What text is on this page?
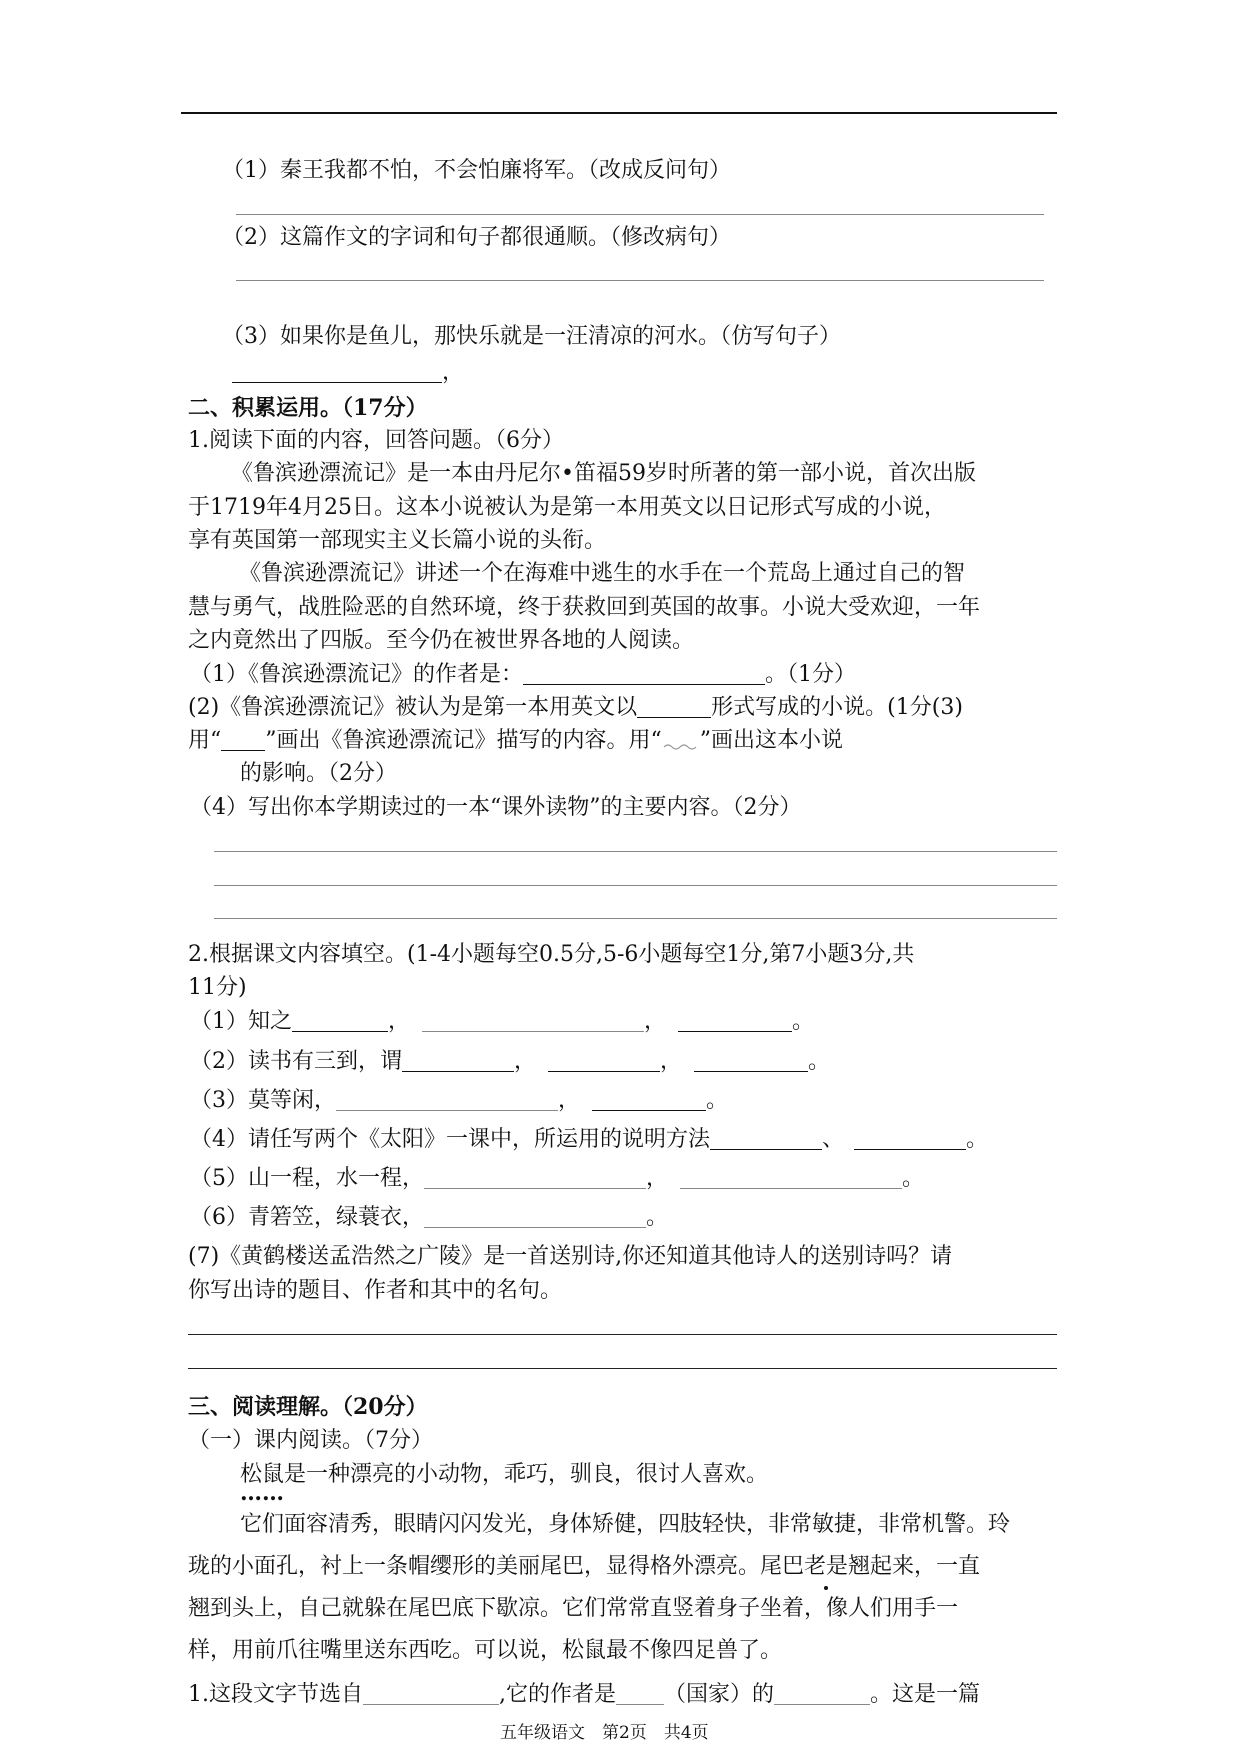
（1）秦王我都不怕，不会怕廉将军。（改成反问句）
（2）这篇作文的字词和句子都很通顺。（修改病句）
（3）如果你是鱼儿，那快乐就是一汪清凉的河水。（仿写句子）
，
二、积累运用。（17分）
1.阅读下面的内容，回答问题。（6分）
《鲁滨逊漂流记》是一本由丹尼尔•笛福59岁时所著的第一部小说，首次出版
于1719年4月25日。这本小说被认为是第一本用英文以日记形式写成的小说，
享有英国第一部现实主义长篇小说的头衔。
《鲁滨逊漂流记》讲述一个在海难中逃生的水手在一个荒岛上通过自己的智
慧与勇气，战胜险恶的自然环境，终于获救回到英国的故事。小说大受欢迎，一年
之内竟然出了四版。至今仍在被世界各地的人阅读。
（1）《鲁滨逊漂流记》的作者是：	。（1分）
(2)《鲁滨逊漂流记》被认为是第一本用英文以	形式写成的小说。(1分(3)
用“ ”画出《鲁滨逊漂流记》描写的内容。用“ ”画出这本小说
的影响。（2分）
（4）写出你本学期读过的一本“课外读物”的主要内容。（2分）
2.根据课文内容填空。(1-4小题每空0.5分,5-6小题每空1分,第7小题3分,共
11分)
（1）知之	，	，	。
（2）读书有三到，谓	，	，	。
（3）莫等闲，	，	。
（4）请任写两个《太阳》一课中，所运用的说明方法	、	。
（5）山一程，水一程，	，	。
（6）青箬笠，绿蓑衣，	。
(7)《黄鹤楼送孟浩然之广陵》是一首送别诗,你还知道其他诗人的送别诗吗？请
你写出诗的题目、作者和其中的名句。
三、阅读理解。（20分）
（一）课内阅读。（7分）
松鼠是一种漂亮的小动物，乖巧，驯良，很讨人喜欢。
……
它们面容清秀，眼睛闪闪发光，身体矫健，四肢轻快，非常敏捷，非常机警。玲
珑的小面孔，衬上一条帽缨形的美丽尾巴，显得格外漂亮。尾巴老是翘起来，一直
翘到头上，自己就躲在尾巴底下歇凉。它们常常直竖着身子坐着，像人们用手一
样，用前爪往嘴里送东西吃。可以说，松鼠最不像四足兽了。
1.这段文字节选自	,它的作者是 （国家）的	。这是一篇
五年级语文　第2页　共4页
